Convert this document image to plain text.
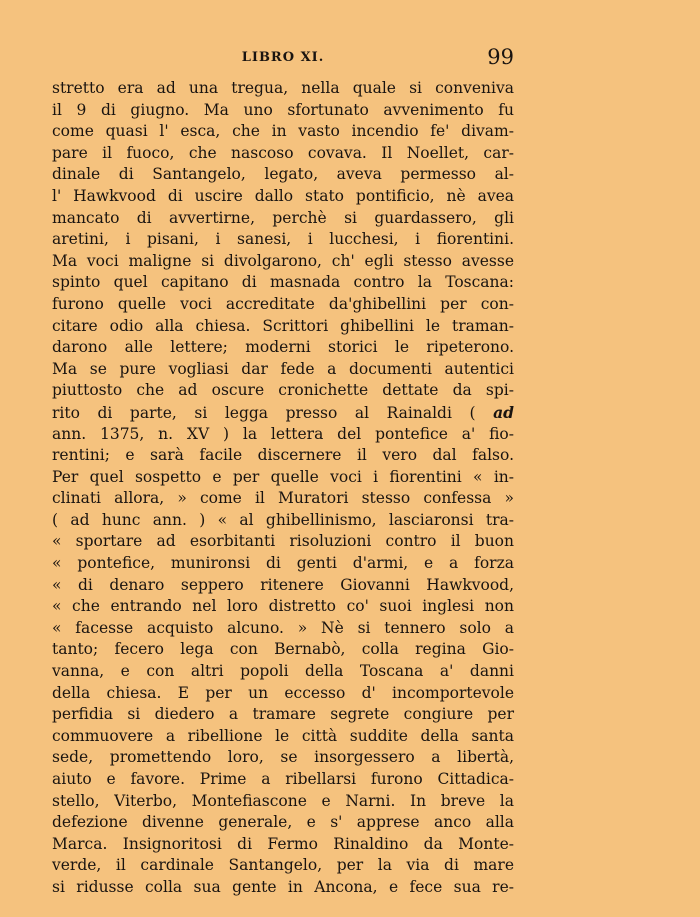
LIBRO XI.	99
stretto era ad una tregua, nella quale si conveniva
il 9 di giugno. Ma uno sfortunato avvenimento fu
come quasi l' esca, che in vasto incendio fe' divam-
pare il fuoco, che nascoso covava. Il Noellet, car-
dinale di Santangelo, legato, aveva permesso al-
l' Hawkvood di uscire dallo stato pontificio, nè avea
mancato di avvertirne, perchè si guardassero, gli
aretini, i pisani, i sanesi, i lucchesi, i fiorentini.
Ma voci maligne si divolgarono, ch' egli stesso avesse
spinto quel capitano di masnada contro la Toscana:
furono quelle voci accreditate da'ghibellini per con-
citare odio alla chiesa. Scrittori ghibellini le traman-
darono alle lettere; moderni storici le ripeterono.
Ma se pure vogliasi dar fede a documenti autentici
piuttosto che ad oscure cronichette dettate da spi-
rito di parte, si legga presso al Rainaldi ( ad
ann. 1375, n. XV ) la lettera del pontefice a' fio-
rentini; e sarà facile discernere il vero dal falso.
Per quel sospetto e per quelle voci i fiorentini « in-
clinati allora, » come il Muratori stesso confessa »
( ad hunc ann. ) « al ghibellinismo, lasciaronsi tra-
« sportare ad esorbitanti risoluzioni contro il buon
« pontefice, munironsi di genti d'armi, e a forza
« di denaro seppero ritenere Giovanni Hawkvood,
« che entrando nel loro distretto co' suoi inglesi non
« facesse acquisto alcuno. » Nè si tennero solo a
tanto; fecero lega con Bernabò, colla regina Gio-
vanna, e con altri popoli della Toscana a' danni
della chiesa. E per un eccesso d' incomportevole
perfidia si diedero a tramare segrete congiure per
commuovere a ribellione le città suddite della santa
sede, promettendo loro, se insorgessero a libertà,
aiuto e favore. Prime a ribellarsi furono Cittadica-
stello, Viterbo, Montefiascone e Narni. In breve la
defezione divenne generale, e s' apprese anco alla
Marca. Insignoritosi di Fermo Rinaldino da Monte-
verde, il cardinale Santangelo, per la via di mare
si ridusse colla sua gente in Ancona, e fece sua re-
